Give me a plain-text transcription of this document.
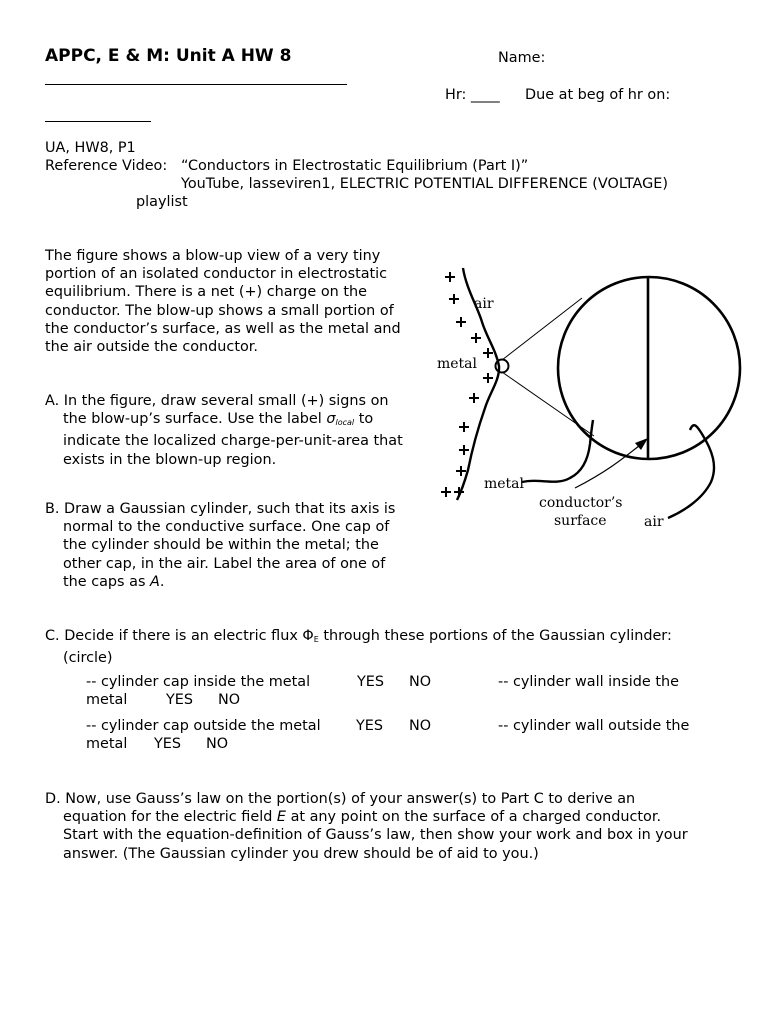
APPC, E & M: Unit A HW 8	Name:
Hr: ____ Due at beg of hr on:
UA, HW8, P1
Reference Video: “Conductors in Electrostatic Equilibrium (Part I)”
YouTube, lasseviren1, ELECTRIC POTENTIAL DIFFERENCE (VOLTAGE)
playlist
The figure shows a blow-up view of a very tiny
portion of an isolated conductor in electrostatic
equilibrium. There is a net (+) charge on the
conductor. The blow-up shows a small portion of
the conductor’s surface, as well as the metal and
the air outside the conductor.
A. In the figure, draw several small (+) signs on
the blow-up’s surface. Use the label $\sigma_{local}$ to
indicate the localized charge-per-unit-area that
exists in the blown-up region.
B. Draw a Gaussian cylinder, such that its axis is
normal to the conductive surface. One cap of
the cylinder should be within the metal; the
other cap, in the air. Label the area of one of
the caps as A.
air
metal
metal
conductor’s
surface	air
C. Decide if there is an electric flux $\Phi_E$ through these portions of the Gaussian cylinder:
(circle)
-- cylinder cap inside the metal	YES NO	-- cylinder wall inside the
metal	YES NO
-- cylinder cap outside the metal YES NO	-- cylinder wall outside the
metal YES NO
D. Now, use Gauss’s law on the portion(s) of your answer(s) to Part C to derive an
equation for the electric field E at any point on the surface of a charged conductor.
Start with the equation-definition of Gauss’s law, then show your work and box in your
answer. (The Gaussian cylinder you drew should be of aid to you.)
